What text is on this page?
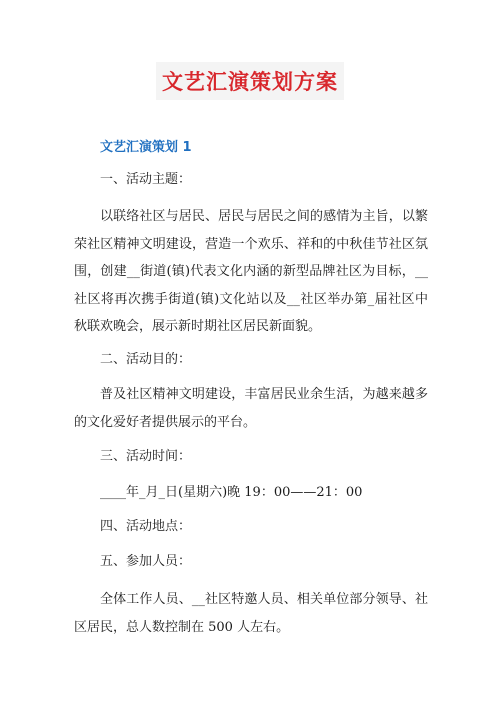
文艺汇演策划方案
文艺汇演策划 1
一、活动主题：
以联络社区与居民、居民与居民之间的感情为主旨，以繁荣社区精神文明建设，营造一个欢乐、祥和的中秋佳节社区氛围，创建__街道(镇)代表文化内涵的新型品牌社区为目标，__社区将再次携手街道(镇)文化站以及__社区举办第_届社区中秋联欢晚会，展示新时期社区居民新面貌。
二、活动目的：
普及社区精神文明建设，丰富居民业余生活，为越来越多的文化爱好者提供展示的平台。
三、活动时间：
____年_月_日(星期六)晚 19：00——21：00
四、活动地点：
五、参加人员：
全体工作人员、__社区特邀人员、相关单位部分领导、社区居民，总人数控制在 500 人左右。
